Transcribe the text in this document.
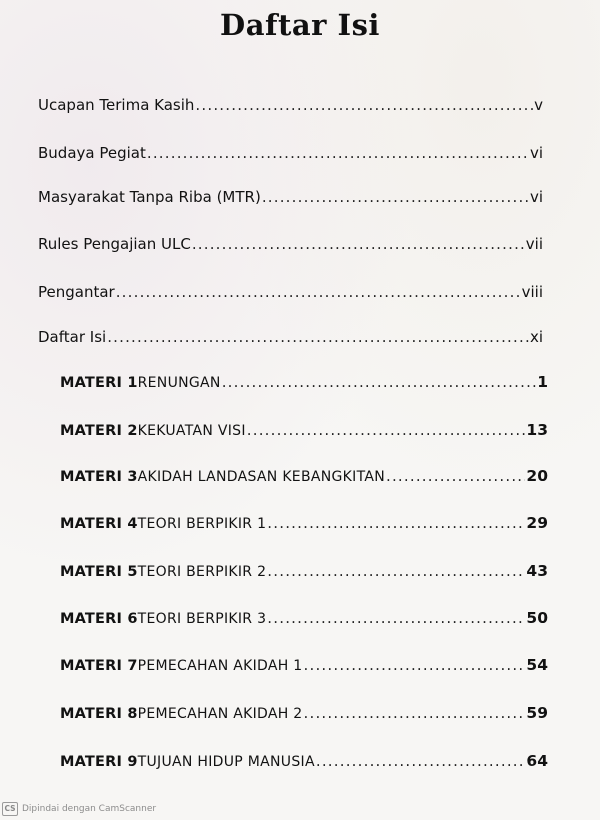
Daftar Isi
Ucapan Terima Kasih .....	v
Budaya Pegiat .....	vi
Masyarakat Tanpa Riba (MTR) .....	vi
Rules Pengajian ULC .....	vii
Pengantar .....	viii
Daftar Isi .....	xi
MATERI 1 RENUNGAN .....	1
MATERI 2 KEKUATAN VISI .....	13
MATERI 3 AKIDAH LANDASAN KEBANGKITAN .....	20
MATERI 4 TEORI BERPIKIR 1 .....	29
MATERI 5 TEORI BERPIKIR 2 .....	43
MATERI 6 TEORI BERPIKIR 3 .....	50
MATERI 7 PEMECAHAN AKIDAH 1 .....	54
MATERI 8 PEMECAHAN AKIDAH 2 .....	59
MATERI 9 TUJUAN HIDUP MANUSIA .....	64
CS Dipindai dengan CamScanner
